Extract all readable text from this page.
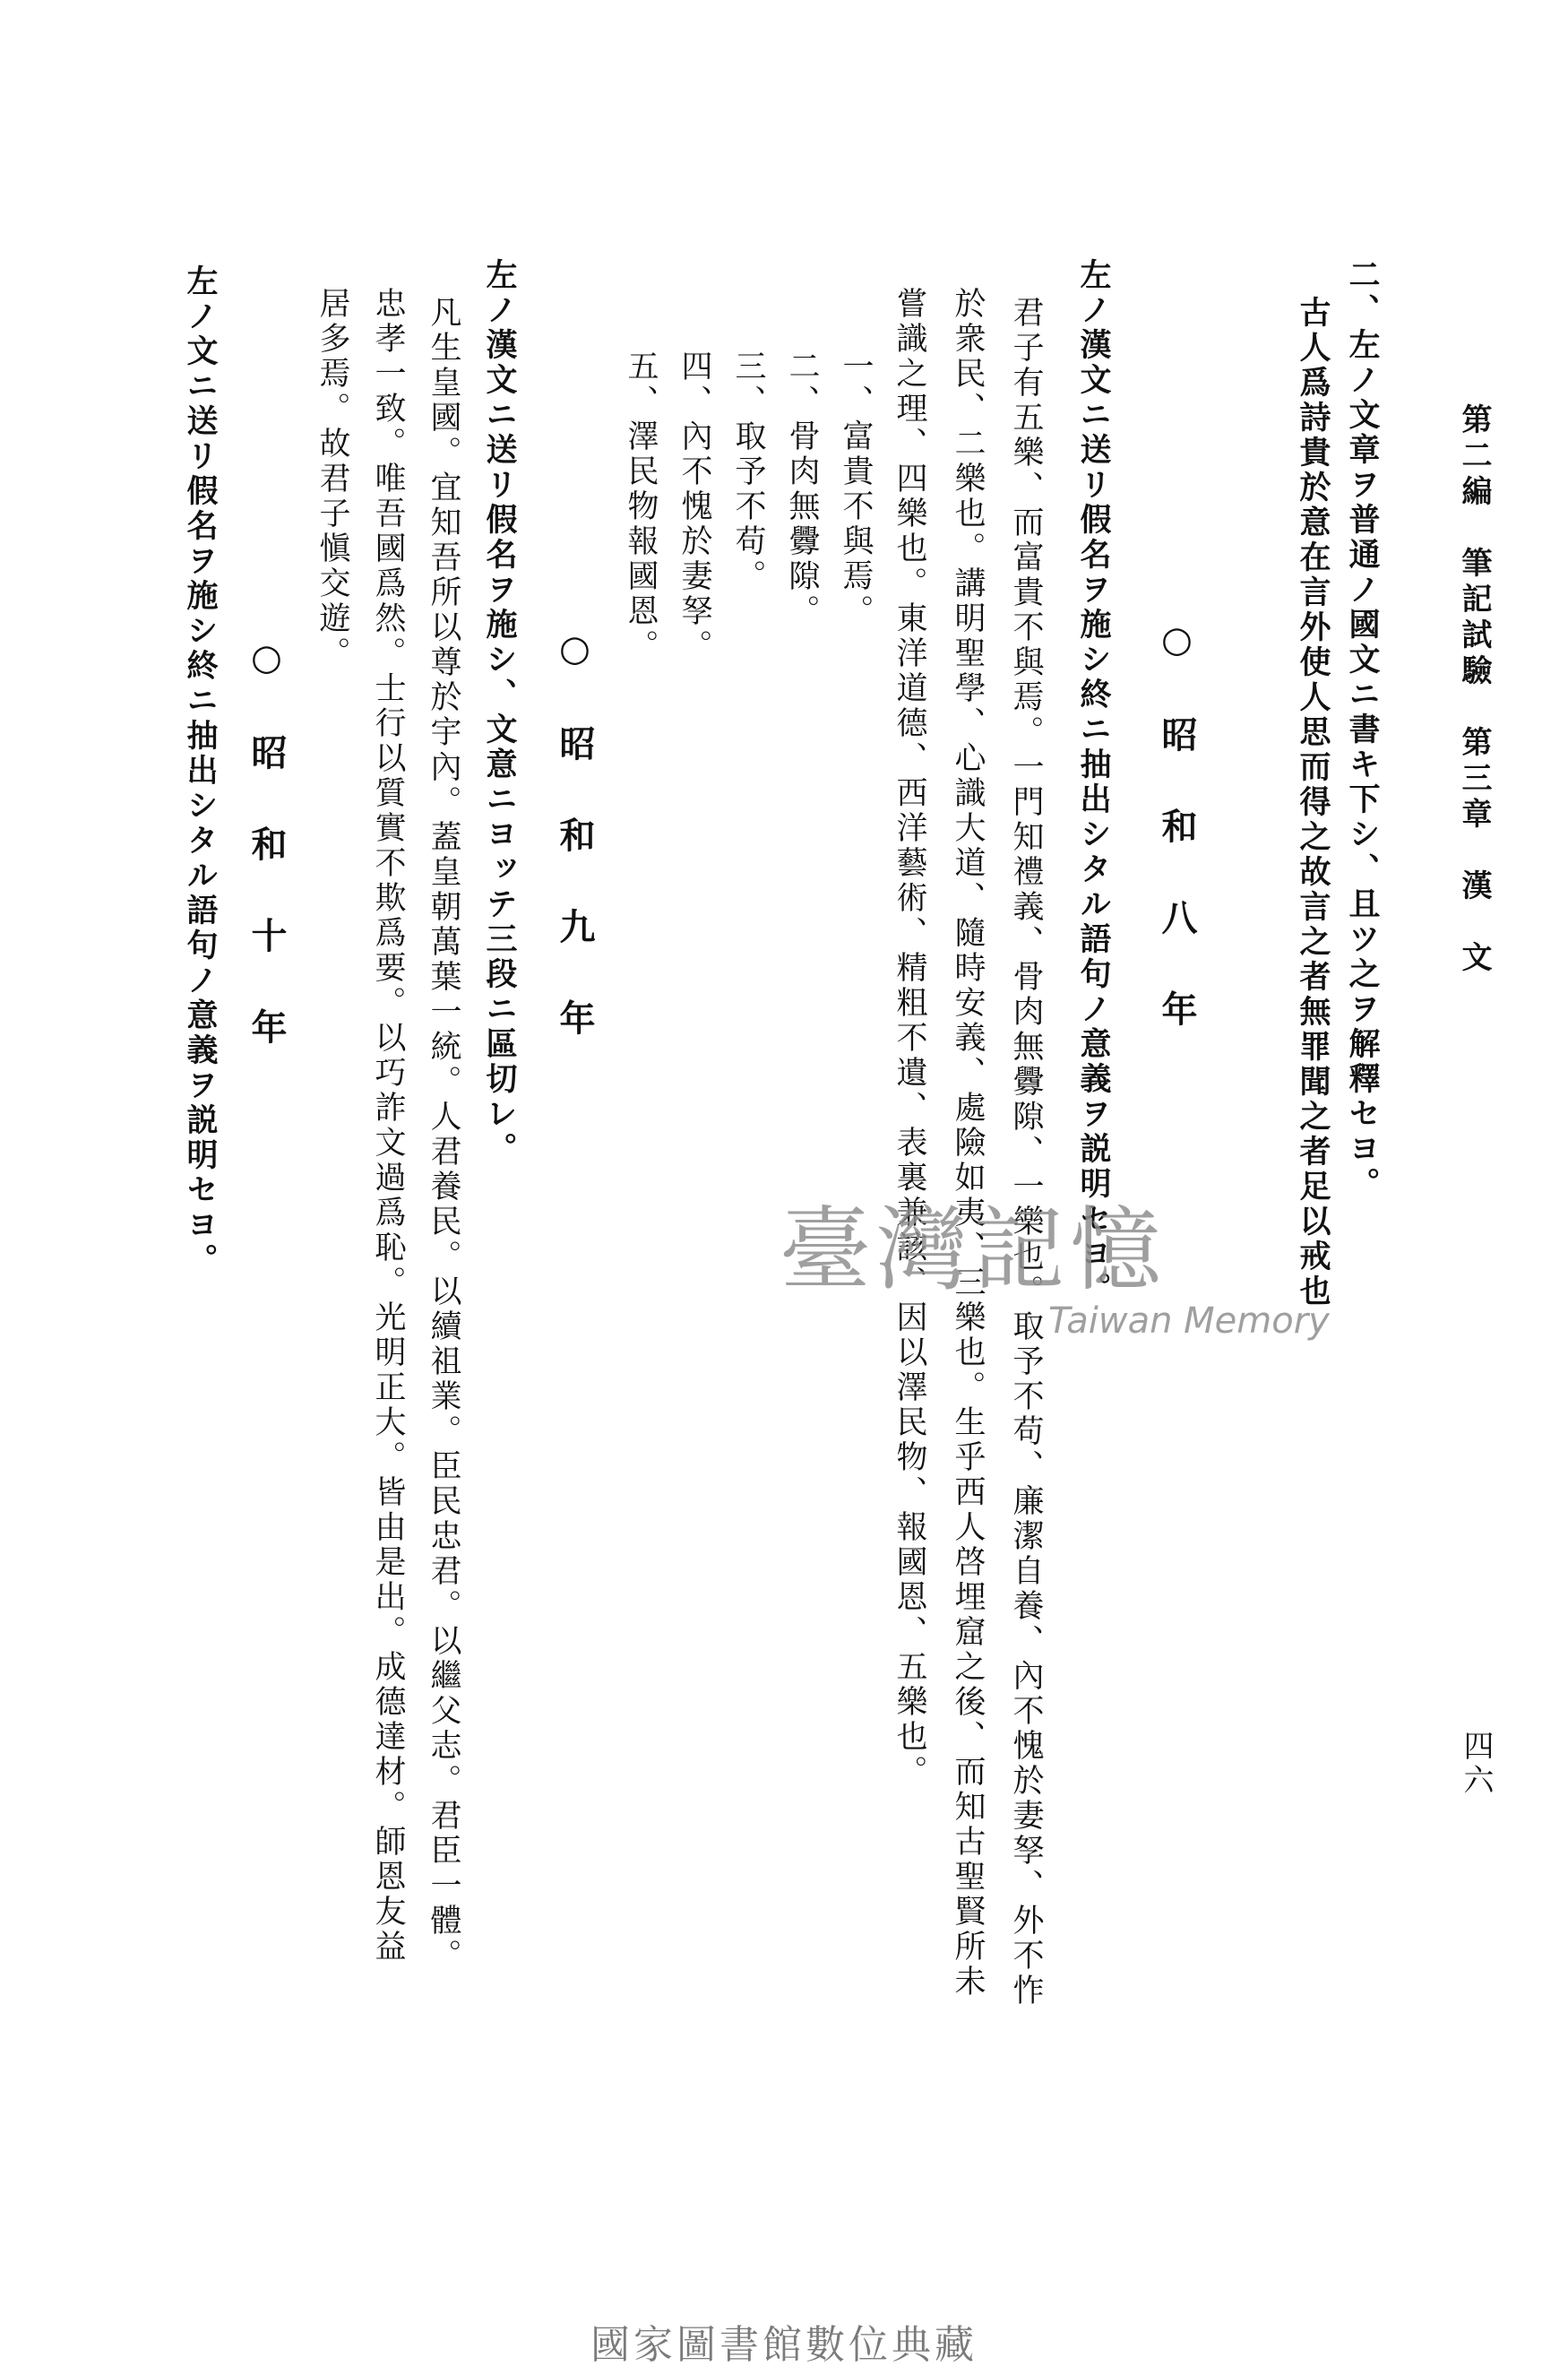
第二編　筆記試驗　第三章　漢　文
四六
二、左ノ文章ヲ普通ノ國文ニ書キ下シ、且ツ之ヲ解釋セヨ。
古人爲詩貴於意在言外使人思而得之故言之者無罪聞之者足以戒也
○昭和八年
左ノ漢文ニ送リ假名ヲ施シ終ニ抽出シタル語句ノ意義ヲ説明セヨ。
君子有五樂、而富貴不與焉。一門知禮義、骨肉無釁隙、一樂也。取予不苟、廉潔自養、內不愧於妻孥、外不怍
於衆民、二樂也。講明聖學、心識大道、隨時安義、處險如夷、三樂也。生乎西人啓埋窟之後、而知古聖賢所未
嘗識之理、四樂也。東洋道德、西洋藝術、精粗不遺、表裏兼該、因以澤民物、報國恩、五樂也。
一、富貴不與焉。
二、骨肉無釁隙。
三、取予不苟。
四、內不愧於妻孥。
五、澤民物報國恩。
○昭和九年
左ノ漢文ニ送リ假名ヲ施シ、文意ニヨッテ三段ニ區切レ。
凡生皇國。宜知吾所以尊於宇內。蓋皇朝萬葉一統。人君養民。以續祖業。臣民忠君。以繼父志。君臣一體。
忠孝一致。唯吾國爲然。士行以質實不欺爲要。以巧詐文過爲恥。光明正大。皆由是出。成德達材。師恩友益
居多焉。故君子愼交遊。
○昭和十年
左ノ文ニ送リ假名ヲ施シ終ニ抽出シタル語句ノ意義ヲ説明セヨ。	臺灣記憶
Taiwan Memory
國家圖書館數位典藏
